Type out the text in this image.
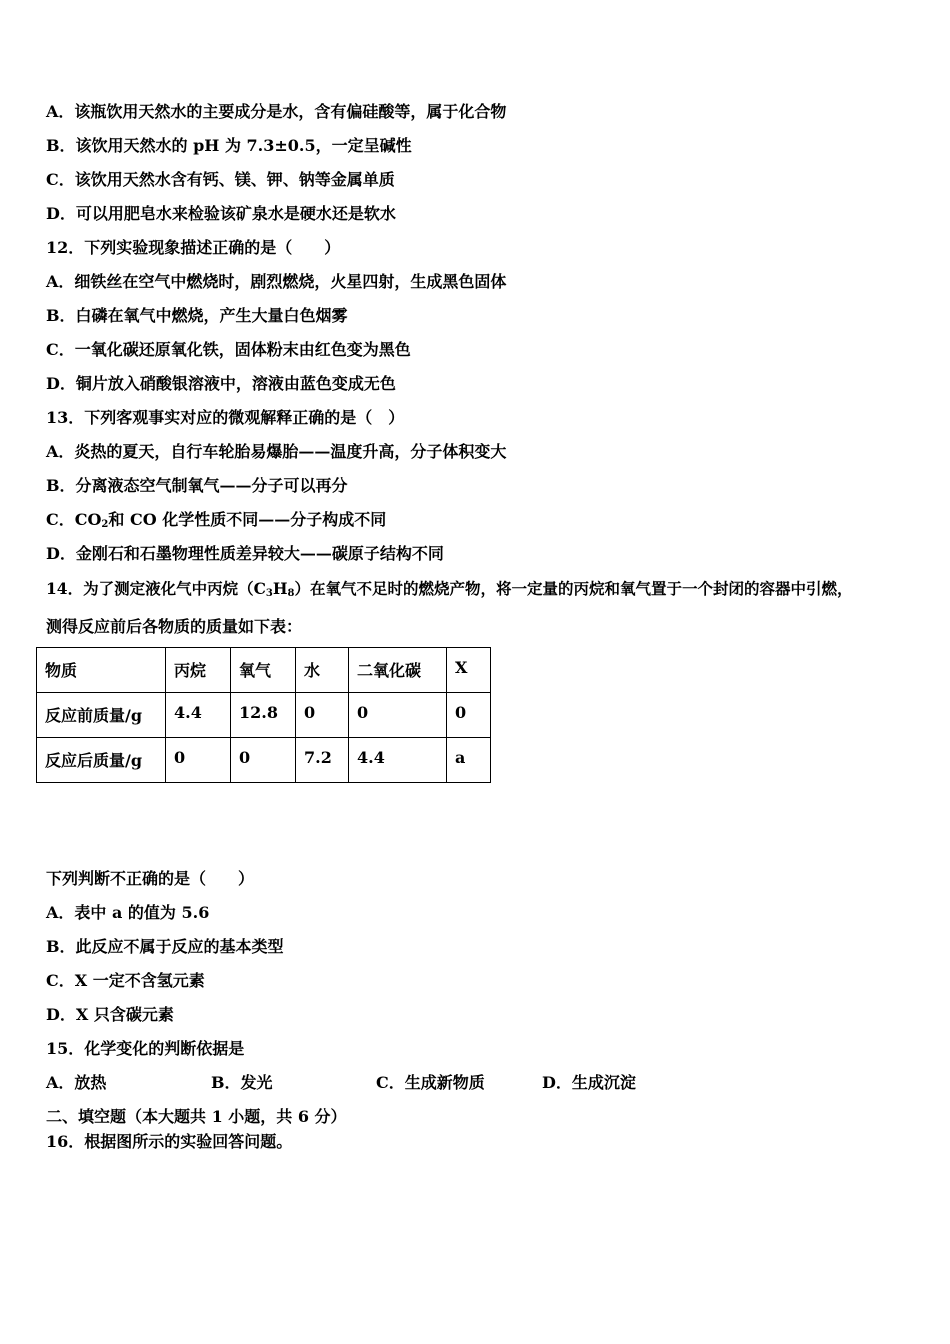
A．该瓶饮用天然水的主要成分是水，含有偏硅酸等，属于化合物
B．该饮用天然水的 pH 为 7.3±0.5，一定呈碱性
C．该饮用天然水含有钙、镁、钾、钠等金属单质
D．可以用肥皂水来检验该矿泉水是硬水还是软水
12．下列实验现象描述正确的是（　　）
A．细铁丝在空气中燃烧时，剧烈燃烧，火星四射，生成黑色固体
B．白磷在氧气中燃烧，产生大量白色烟雾
C．一氧化碳还原氧化铁，固体粉末由红色变为黑色
D．铜片放入硝酸银溶液中，溶液由蓝色变成无色
13．下列客观事实对应的微观解释正确的是（　）
A．炎热的夏天，自行车轮胎易爆胎——温度升高，分子体积变大
B．分离液态空气制氧气——分子可以再分
C．$CO_2$和 CO 化学性质不同——分子构成不同
D．金刚石和石墨物理性质差异较大——碳原子结构不同
14．为了测定液化气中丙烷$(C_3H_8)$在氧气不足时的燃烧产物，将一定量的丙烷和氧气置于一个封闭的容器中引燃，
测得反应前后各物质的质量如下表：
物质	丙烷	氧气	水	二氧化碳	X
反应前质量/g	4.4	12.8	0	0	0
反应后质量/g	0	0	7.2	4.4	a
下列判断不正确的是（　　）
A．表中 a 的值为 5.6
B．此反应不属于反应的基本类型
C．X 一定不含氢元素
D．X 只含碳元素
15．化学变化的判断依据是
A．放热	B．发光	C．生成新物质	D．生成沉淀
二、填空题（本大题共 1 小题，共 6 分）
16．根据图所示的实验回答问题。
